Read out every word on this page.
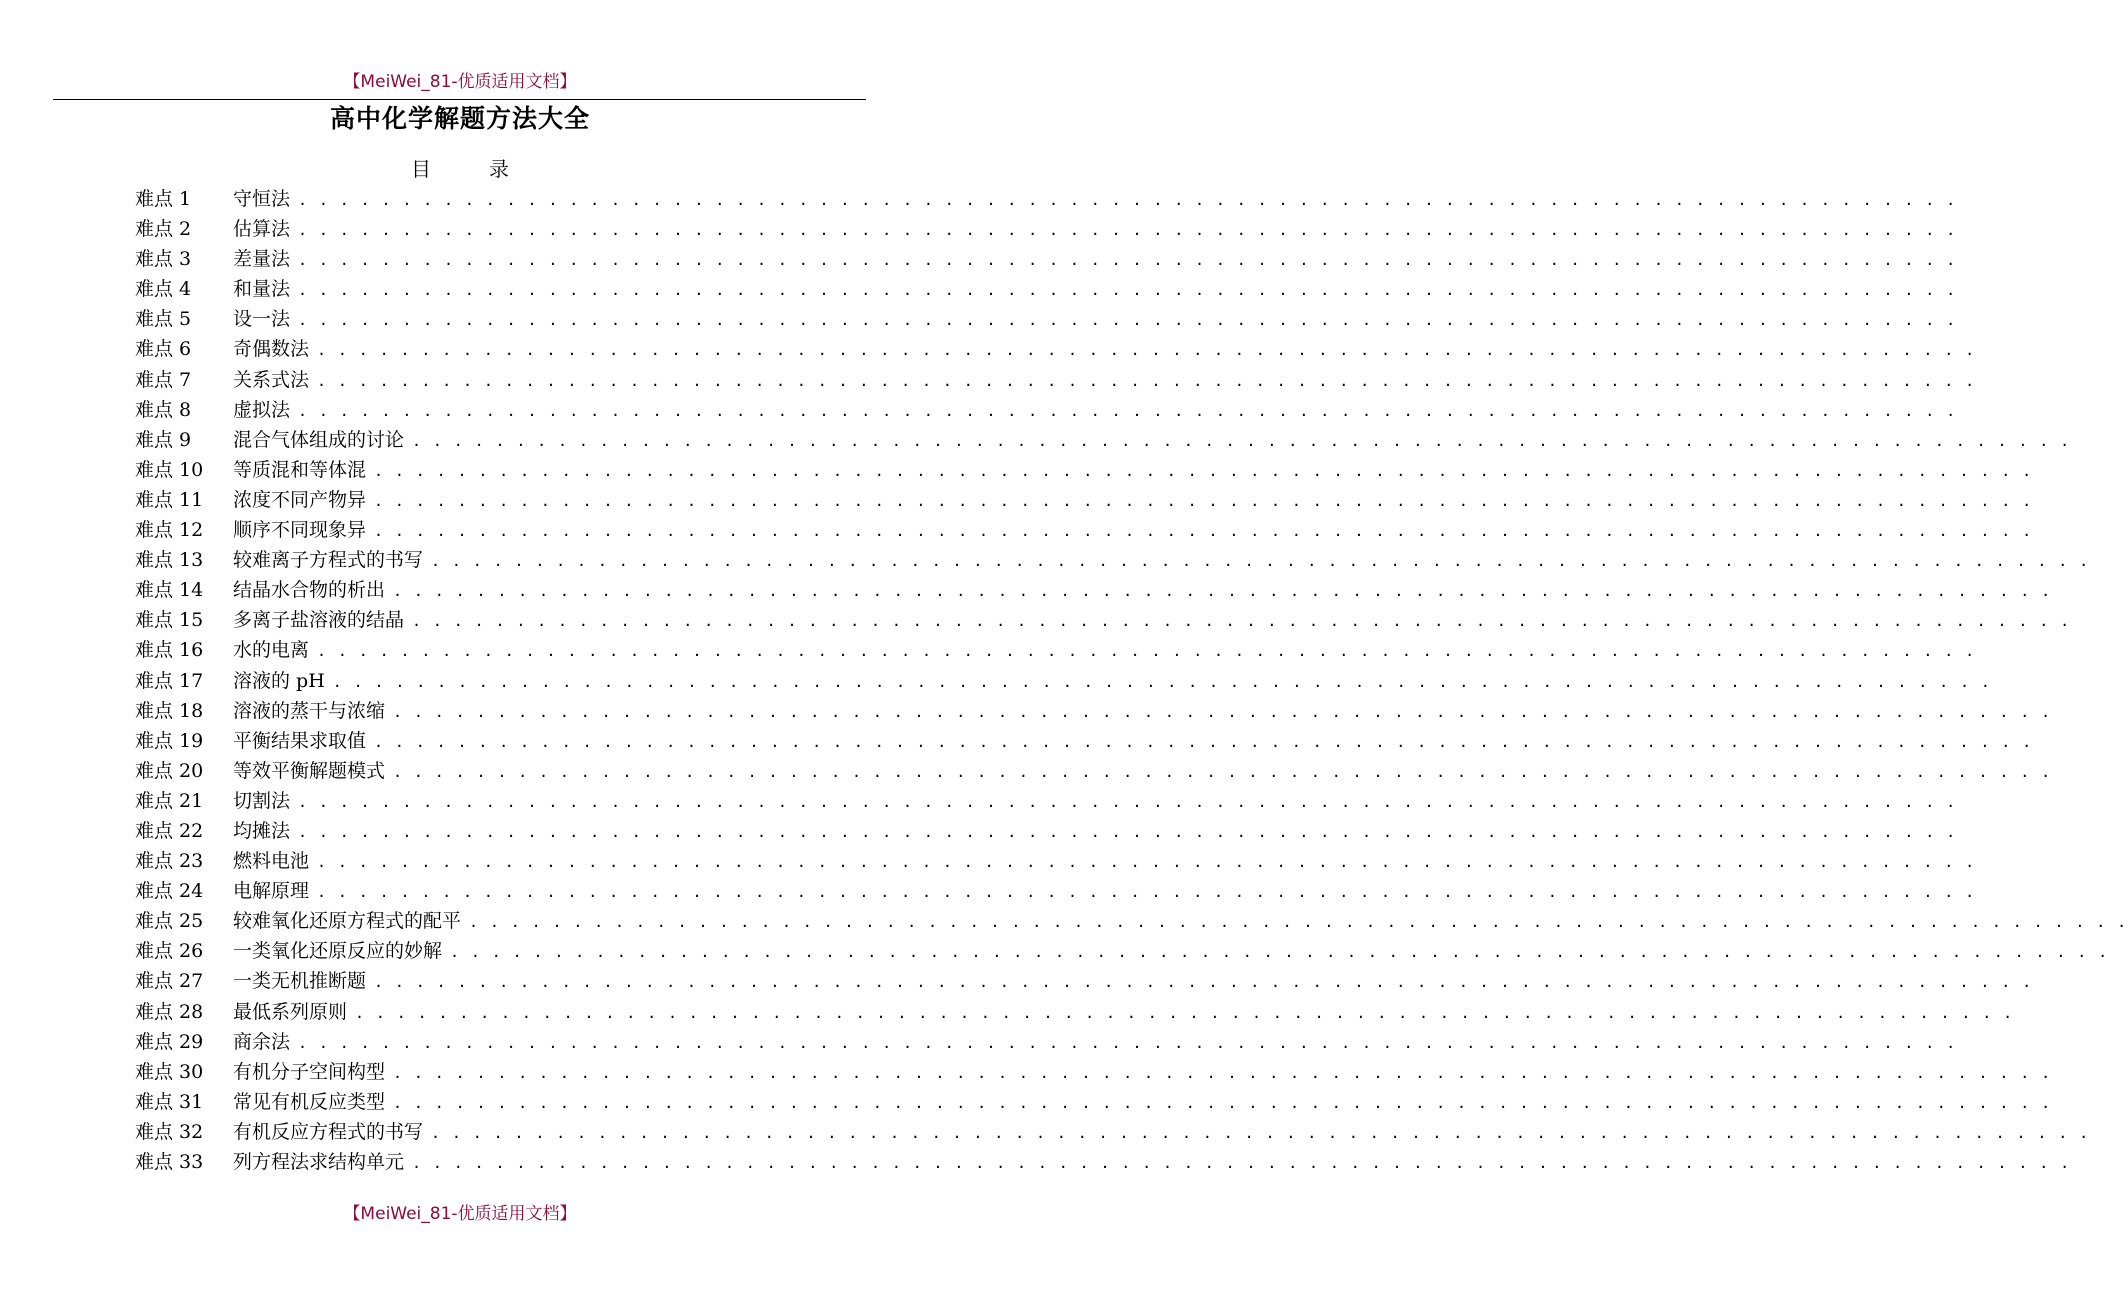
【MeiWei_81-优质适用文档】
高中化学解题方法大全
目	录
难点 1 守恒法 . . . . . . . . . . . . . . . . . . . . . . . . . . . . . . . . . . . . . . . . . . . . . . . . . . . . . . . . . . . . . . . . . . . . . . . . . . . . . . . .
难点 2 估算法 . . . . . . . . . . . . . . . . . . . . . . . . . . . . . . . . . . . . . . . . . . . . . . . . . . . . . . . . . . . . . . . . . . . . . . . . . . . . . . . .
难点 3 差量法 . . . . . . . . . . . . . . . . . . . . . . . . . . . . . . . . . . . . . . . . . . . . . . . . . . . . . . . . . . . . . . . . . . . . . . . . . . . . . . . .
难点 4 和量法 . . . . . . . . . . . . . . . . . . . . . . . . . . . . . . . . . . . . . . . . . . . . . . . . . . . . . . . . . . . . . . . . . . . . . . . . . . . . . . . .
难点 5 设一法 . . . . . . . . . . . . . . . . . . . . . . . . . . . . . . . . . . . . . . . . . . . . . . . . . . . . . . . . . . . . . . . . . . . . . . . . . . . . . . . .
难点 6 奇偶数法 . . . . . . . . . . . . . . . . . . . . . . . . . . . . . . . . . . . . . . . . . . . . . . . . . . . . . . . . . . . . . . . . . . . . . . . . . . . . . . . .
难点 7 关系式法 . . . . . . . . . . . . . . . . . . . . . . . . . . . . . . . . . . . . . . . . . . . . . . . . . . . . . . . . . . . . . . . . . . . . . . . . . . . . . . . .
难点 8 虚拟法 . . . . . . . . . . . . . . . . . . . . . . . . . . . . . . . . . . . . . . . . . . . . . . . . . . . . . . . . . . . . . . . . . . . . . . . . . . . . . . . .
难点 9 混合气体组成的讨论 . . . . . . . . . . . . . . . . . . . . . . . . . . . . . . . . . . . . . . . . . . . . . . . . . . . . . . . . . . . . . . . . . . . . . . . . . . . . . . . .
难点 10 等质混和等体混 . . . . . . . . . . . . . . . . . . . . . . . . . . . . . . . . . . . . . . . . . . . . . . . . . . . . . . . . . . . . . . . . . . . . . . . . . . . . . . . .
难点 11 浓度不同产物异 . . . . . . . . . . . . . . . . . . . . . . . . . . . . . . . . . . . . . . . . . . . . . . . . . . . . . . . . . . . . . . . . . . . . . . . . . . . . . . . .
难点 12 顺序不同现象异 . . . . . . . . . . . . . . . . . . . . . . . . . . . . . . . . . . . . . . . . . . . . . . . . . . . . . . . . . . . . . . . . . . . . . . . . . . . . . . . .
难点 13 较难离子方程式的书写 . . . . . . . . . . . . . . . . . . . . . . . . . . . . . . . . . . . . . . . . . . . . . . . . . . . . . . . . . . . . . . . . . . . . . . . . . . . . . . . .
难点 14 结晶水合物的析出 . . . . . . . . . . . . . . . . . . . . . . . . . . . . . . . . . . . . . . . . . . . . . . . . . . . . . . . . . . . . . . . . . . . . . . . . . . . . . . . .
难点 15 多离子盐溶液的结晶 . . . . . . . . . . . . . . . . . . . . . . . . . . . . . . . . . . . . . . . . . . . . . . . . . . . . . . . . . . . . . . . . . . . . . . . . . . . . . . . .
难点 16 水的电离 . . . . . . . . . . . . . . . . . . . . . . . . . . . . . . . . . . . . . . . . . . . . . . . . . . . . . . . . . . . . . . . . . . . . . . . . . . . . . . . .
难点 17 溶液的 pH . . . . . . . . . . . . . . . . . . . . . . . . . . . . . . . . . . . . . . . . . . . . . . . . . . . . . . . . . . . . . . . . . . . . . . . . . . . . . . . .
难点 18 溶液的蒸干与浓缩 . . . . . . . . . . . . . . . . . . . . . . . . . . . . . . . . . . . . . . . . . . . . . . . . . . . . . . . . . . . . . . . . . . . . . . . . . . . . . . . .
难点 19 平衡结果求取值 . . . . . . . . . . . . . . . . . . . . . . . . . . . . . . . . . . . . . . . . . . . . . . . . . . . . . . . . . . . . . . . . . . . . . . . . . . . . . . . .
难点 20 等效平衡解题模式 . . . . . . . . . . . . . . . . . . . . . . . . . . . . . . . . . . . . . . . . . . . . . . . . . . . . . . . . . . . . . . . . . . . . . . . . . . . . . . . .
难点 21 切割法 . . . . . . . . . . . . . . . . . . . . . . . . . . . . . . . . . . . . . . . . . . . . . . . . . . . . . . . . . . . . . . . . . . . . . . . . . . . . . . . .
难点 22 均摊法 . . . . . . . . . . . . . . . . . . . . . . . . . . . . . . . . . . . . . . . . . . . . . . . . . . . . . . . . . . . . . . . . . . . . . . . . . . . . . . . .
难点 23 燃料电池 . . . . . . . . . . . . . . . . . . . . . . . . . . . . . . . . . . . . . . . . . . . . . . . . . . . . . . . . . . . . . . . . . . . . . . . . . . . . . . . .
难点 24 电解原理 . . . . . . . . . . . . . . . . . . . . . . . . . . . . . . . . . . . . . . . . . . . . . . . . . . . . . . . . . . . . . . . . . . . . . . . . . . . . . . . .
难点 25 较难氧化还原方程式的配平 . . . . . . . . . . . . . . . . . . . . . . . . . . . . . . . . . . . . . . . . . . . . . . . . . . . . . . . . . . . . . . . . . . . . . . . . . . . . . . . .
难点 26 一类氧化还原反应的妙解 . . . . . . . . . . . . . . . . . . . . . . . . . . . . . . . . . . . . . . . . . . . . . . . . . . . . . . . . . . . . . . . . . . . . . . . . . . . . . . . .
难点 27 一类无机推断题 . . . . . . . . . . . . . . . . . . . . . . . . . . . . . . . . . . . . . . . . . . . . . . . . . . . . . . . . . . . . . . . . . . . . . . . . . . . . . . . .
难点 28 最低系列原则 . . . . . . . . . . . . . . . . . . . . . . . . . . . . . . . . . . . . . . . . . . . . . . . . . . . . . . . . . . . . . . . . . . . . . . . . . . . . . . . .
难点 29 商余法 . . . . . . . . . . . . . . . . . . . . . . . . . . . . . . . . . . . . . . . . . . . . . . . . . . . . . . . . . . . . . . . . . . . . . . . . . . . . . . . .
难点 30 有机分子空间构型 . . . . . . . . . . . . . . . . . . . . . . . . . . . . . . . . . . . . . . . . . . . . . . . . . . . . . . . . . . . . . . . . . . . . . . . . . . . . . . . .
难点 31 常见有机反应类型 . . . . . . . . . . . . . . . . . . . . . . . . . . . . . . . . . . . . . . . . . . . . . . . . . . . . . . . . . . . . . . . . . . . . . . . . . . . . . . . .
难点 32 有机反应方程式的书写 . . . . . . . . . . . . . . . . . . . . . . . . . . . . . . . . . . . . . . . . . . . . . . . . . . . . . . . . . . . . . . . . . . . . . . . . . . . . . . . .
难点 33 列方程法求结构单元 . . . . . . . . . . . . . . . . . . . . . . . . . . . . . . . . . . . . . . . . . . . . . . . . . . . . . . . . . . . . . . . . . . . . . . . . . . . . . . . .
【MeiWei_81-优质适用文档】
